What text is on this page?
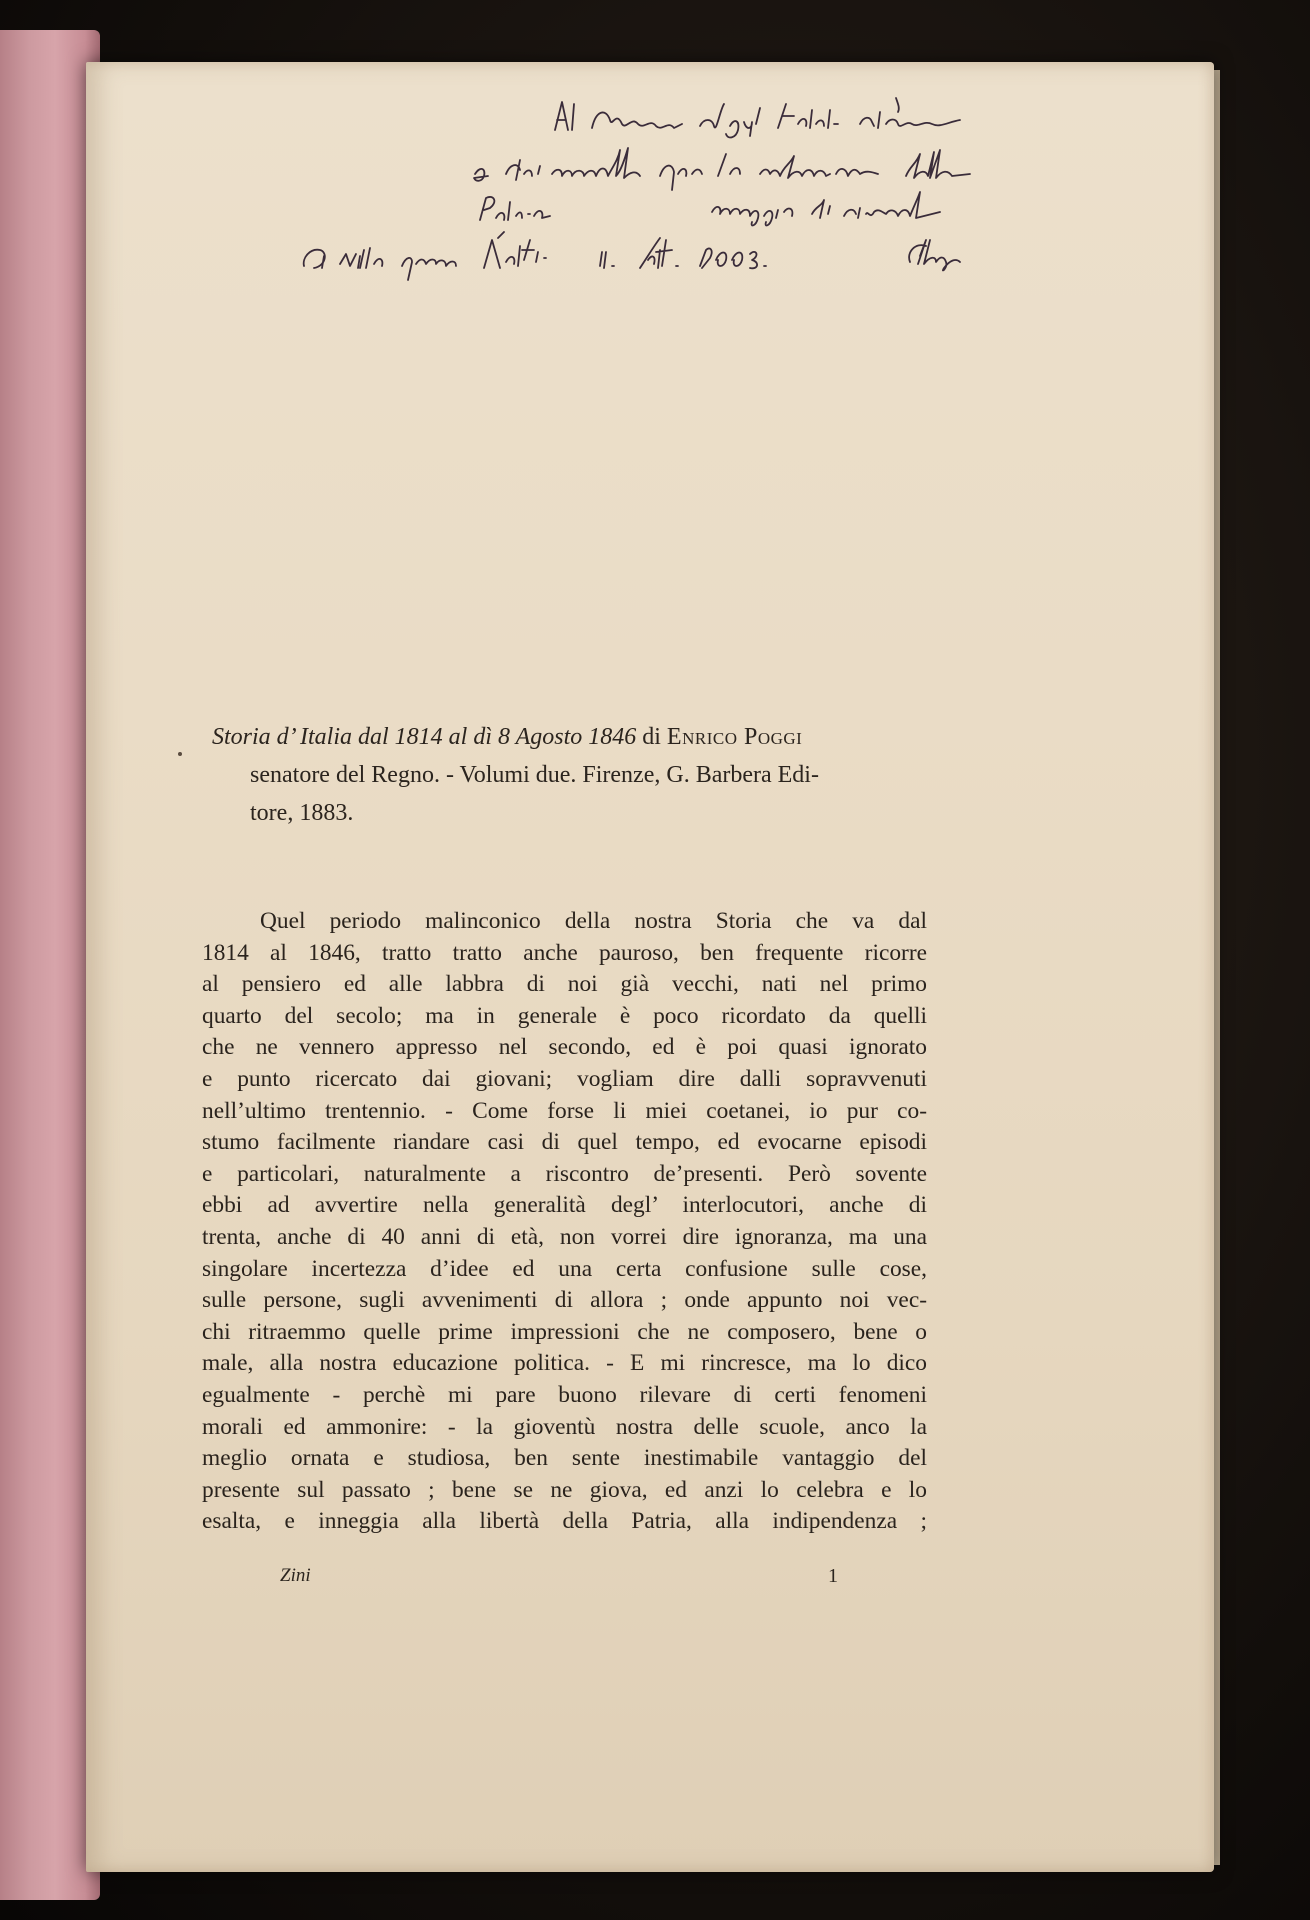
Storia d’ Italia dal 1814 al dì 8 Agosto 1846 di Enrico Poggi

senatore del Regno. - Volumi due. Firenze, G. Barbera Edi-

tore, 1883.

Quel periodo malinconico della nostra Storia che va dal
1814 al 1846, tratto tratto anche pauroso, ben frequente ricorre
al pensiero ed alle labbra di noi già vecchi, nati nel primo
quarto del secolo; ma in generale è poco ricordato da quelli
che ne vennero appresso nel secondo, ed è poi quasi ignorato
e punto ricercato dai giovani; vogliam dire dalli sopravvenuti
nell’ultimo trentennio. - Come forse li miei coetanei, io pur co-
stumo facilmente riandare casi di quel tempo, ed evocarne episodi
e particolari, naturalmente a riscontro de’presenti. Però sovente
ebbi ad avvertire nella generalità degl’ interlocutori, anche di
trenta, anche di 40 anni di età, non vorrei dire ignoranza, ma una
singolare incertezza d’idee ed una certa confusione sulle cose,
sulle persone, sugli avvenimenti di allora ; onde appunto noi vec-
chi ritraemmo quelle prime impressioni che ne composero, bene o
male, alla nostra educazione politica. - E mi rincresce, ma lo dico
egualmente - perchè mi pare buono rilevare di certi fenomeni
morali ed ammonire: - la gioventù nostra delle scuole, anco la
meglio ornata e studiosa, ben sente inestimabile vantaggio del
presente sul passato ; bene se ne giova, ed anzi lo celebra e lo
esalta, e inneggia alla libertà della Patria, alla indipendenza ;
Zini	1
